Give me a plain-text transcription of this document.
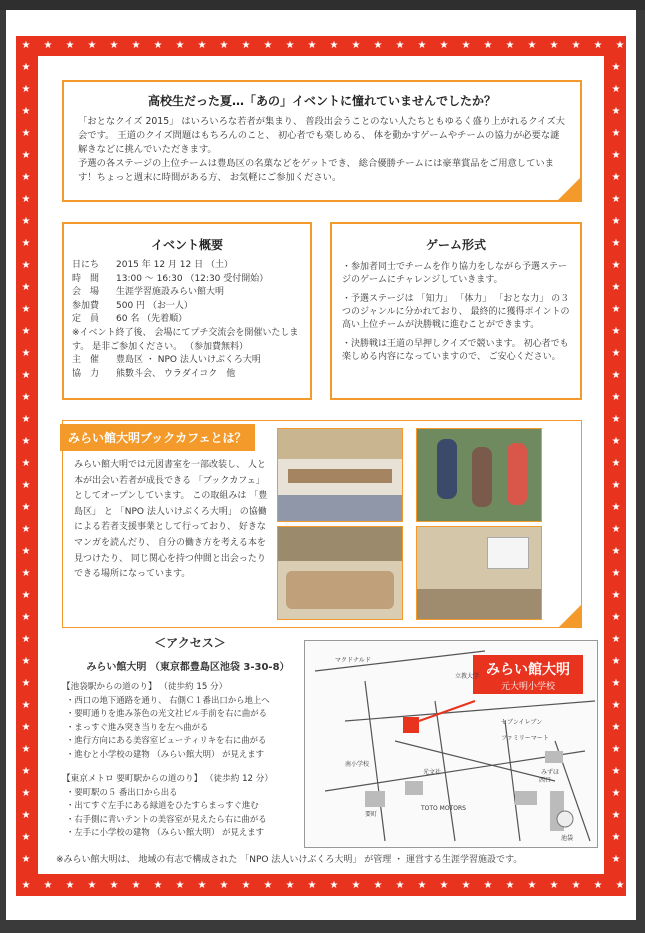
★
★
★
★
★
★
★
★
★
★
★
★
★
★
★
★
★
★
★
★
★
★
★
★
★
★
★
★
★
★
★
★
★
★
★
★
★
★
★
★
★
★
★
★
★
★
★
★
★
★
★
★
★
★
★
★
★	★
★	★
★	★
★	★
★	★
★	★
★	★
★	★
★	★
★	★
★	★
★	★
★	★
★	★
★	★
★	★
★	★
★	★
★	★
★	★
★	★
★	★
★	★
★	★
★	★
★	★
★	★
★	★
★	★
★	★
★	★
★	★
★	★
★	★
★	★
★	★
★	★
高校生だった夏…「あの」イベントに憧れていませんでしたか？
「おとなクイズ 2015」 はいろいろな若者が集まり、 普段出会うことのない人たちともゆるく盛り上がれるクイズ大会です。 王道のクイズ問題はもちろんのこと、 初心者でも楽しめる、 体を動かすゲームやチームの協力が必要な謎解きなどに挑んでいただきます。
予選の各ステージの上位チームは豊島区の名菓などをゲットでき、 総合優勝チームには豪華賞品をご用意しています！ちょっと週末に時間がある方、 お気軽にご参加ください。
イベント概要
日にち	2015 年 12 月 12 日 （土）
時　間	13:00 ～ 16:30 （12:30 受付開始）
会　場	生涯学習施設みらい館大明
参加費	500 円 （お一人）
定　員	60 名 （先着順）
※イベント終了後、 会場にてプチ交流会を開催いたします。 是非ご参加ください。 （参加費無料）
主　催	豊島区 ・ NPO 法人いけぶくろ大明
協　力	熊數斗会、 ウラダイコク　他
ゲーム形式
・参加者同士でチームを作り協力をしながら予選ステージのゲームにチャレンジしていきます。
・予選ステージは 「知力」 「体力」 「おとな力」 の３つのジャンルに分かれており、 最終的に獲得ポイントの高い上位チームが決勝戦に進むことができます。
・決勝戦は王道の早押しクイズで競います。 初心者でも楽しめる内容になっていますので、 ご安心ください。
みらい館大明ブックカフェとは？
みらい館大明では元図書室を一部改装し、 人と本が出会い若者が成長できる 「ブックカフェ」 としてオープンしています。 この取組みは 「豊島区」 と 「NPO 法人いけぶくろ大明」 の協働による若者支援事業として行っており、 好きなマンガを読んだり、 自分の働き方を考える本を見つけたり、 同じ関心を持つ仲間と出会ったりできる場所になっています。
＜アクセス＞
みらい館大明 （東京都豊島区池袋 3-30-8）
【池袋駅からの道のり】 （徒歩約 15 分）
・西口の地下通路を通り、 右側Ｃ１番出口から地上へ
・要町通りを進み茶色の光文社ビル手前を右に曲がる
・まっすぐ進み突き当りを左へ曲がる
・進行方向にある美容室ビューティリキを右に曲がる
・進むと小学校の建物 （みらい館大明） が見えます
【東京メトロ 要町駅からの道のり】 （徒歩約 12 分）
・要町駅の５ 番出口から出る
・出てすぐ左手にある緑道をひたすらまっすぐ進む
・右手側に青いテントの美容室が見えたら右に曲がる
・左手に小学校の建物 （みらい館大明） が見えます
みらい館大明
元大明小学校
マクドナルド
セブンイレブン
ファミリーマート
みずほ
TOTO MOTORS
要町
池袋
西口
光文社
立教大学
南小学校
※みらい館大明は、 地域の有志で構成された 「NPO 法人いけぶくろ大明」 が管理 ・ 運営する生涯学習施設です。
